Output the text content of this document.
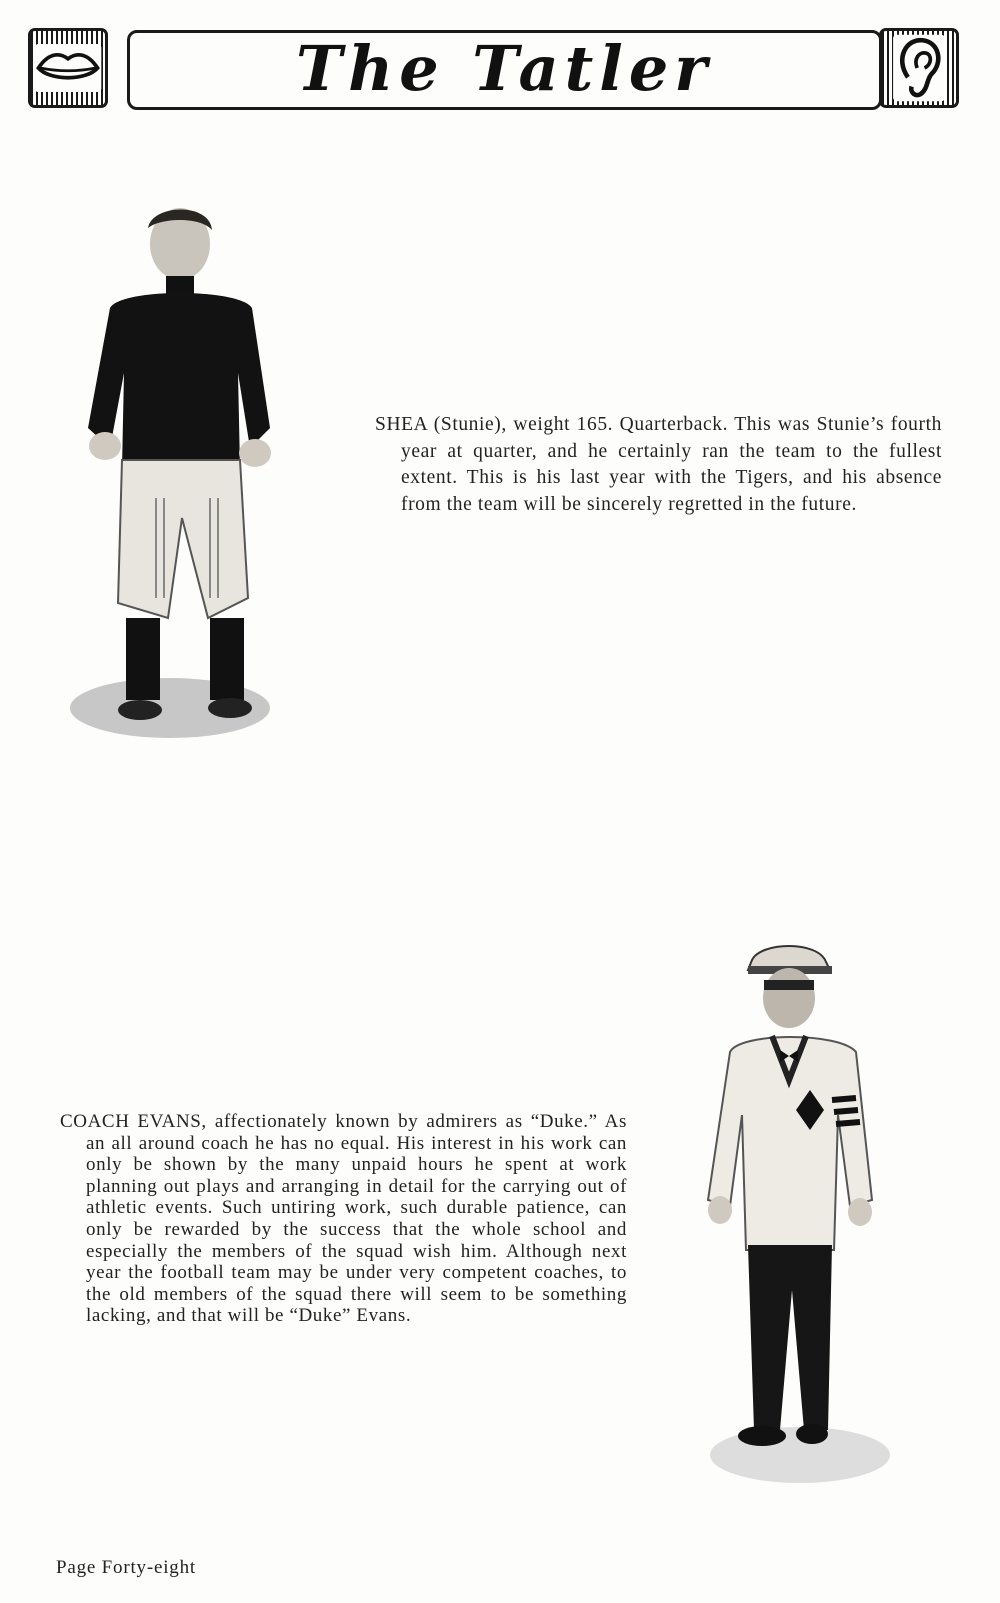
The Tatler

SHEA (Stunie), weight 165. Quarterback. This was Stunie’s fourth year at quarter, and he certainly ran the team to the fullest extent. This is his last year with the Tigers, and his absence from the team will be sincerely regretted in the future.

COACH EVANS, affectionately known by admirers as “Duke.” As an all around coach he has no equal. His interest in his work can only be shown by the many unpaid hours he spent at work planning out plays and arranging in detail for the carrying out of athletic events. Such untiring work, such durable patience, can only be rewarded by the success that the whole school and especially the members of the squad wish him. Although next year the football team may be under very competent coaches, to the old members of the squad there will seem to be something lacking, and that will be “Duke” Evans.

Page Forty-eight
